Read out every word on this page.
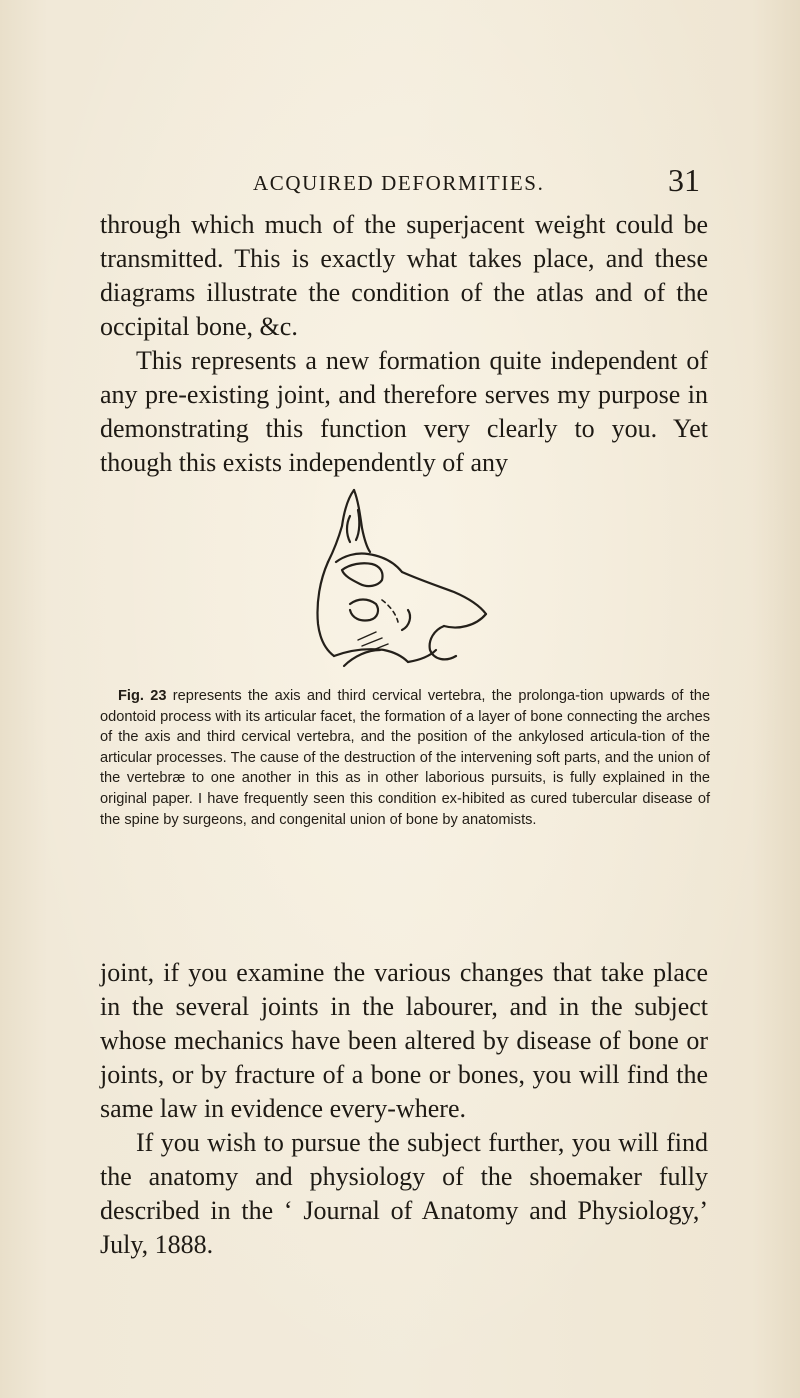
ACQUIRED DEFORMITIES.	31

through which much of the superjacent weight could be transmitted. This is exactly what takes place, and these diagrams illustrate the condition of the atlas and of the occipital bone, &c.

This represents a new formation quite independent of any pre-existing joint, and therefore serves my purpose in demonstrating this function very clearly to you. Yet though this exists independently of any

Fig. 23 represents the axis and third cervical vertebra, the prolonga-tion upwards of the odontoid process with its articular facet, the formation of a layer of bone connecting the arches of the axis and third cervical vertebra, and the position of the ankylosed articula-tion of the articular processes. The cause of the destruction of the intervening soft parts, and the union of the vertebræ to one another in this as in other laborious pursuits, is fully explained in the original paper. I have frequently seen this condition ex-hibited as cured tubercular disease of the spine by surgeons, and congenital union of bone by anatomists.

joint, if you examine the various changes that take place in the several joints in the labourer, and in the subject whose mechanics have been altered by disease of bone or joints, or by fracture of a bone or bones, you will find the same law in evidence every-where.

If you wish to pursue the subject further, you will find the anatomy and physiology of the shoemaker fully described in the ‘ Journal of Anatomy and Physiology,’ July, 1888.
